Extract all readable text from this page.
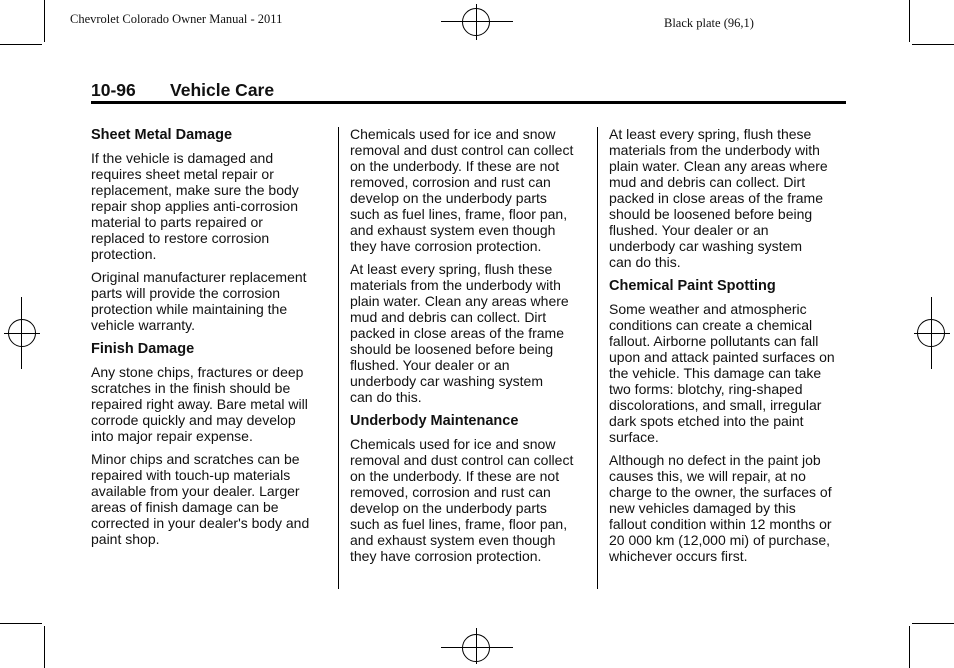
Chevrolet Colorado Owner Manual - 2011	Black plate (96,1)
10-96 Vehicle Care
Sheet Metal Damage

If the vehicle is damaged and
requires sheet metal repair or
replacement, make sure the body
repair shop applies anti-corrosion
material to parts repaired or
replaced to restore corrosion
protection.

Original manufacturer replacement
parts will provide the corrosion
protection while maintaining the
vehicle warranty.

Finish Damage

Any stone chips, fractures or deep
scratches in the finish should be
repaired right away. Bare metal will
corrode quickly and may develop
into major repair expense.

Minor chips and scratches can be
repaired with touch-up materials
available from your dealer. Larger
areas of finish damage can be
corrected in your dealer's body and
paint shop.

Chemicals used for ice and snow
removal and dust control can collect
on the underbody. If these are not
removed, corrosion and rust can
develop on the underbody parts
such as fuel lines, frame, floor pan,
and exhaust system even though
they have corrosion protection.

At least every spring, flush these
materials from the underbody with
plain water. Clean any areas where
mud and debris can collect. Dirt
packed in close areas of the frame
should be loosened before being
flushed. Your dealer or an
underbody car washing system
can do this.

Underbody Maintenance

Chemicals used for ice and snow
removal and dust control can collect
on the underbody. If these are not
removed, corrosion and rust can
develop on the underbody parts
such as fuel lines, frame, floor pan,
and exhaust system even though
they have corrosion protection.

At least every spring, flush these
materials from the underbody with
plain water. Clean any areas where
mud and debris can collect. Dirt
packed in close areas of the frame
should be loosened before being
flushed. Your dealer or an
underbody car washing system
can do this.

Chemical Paint Spotting

Some weather and atmospheric
conditions can create a chemical
fallout. Airborne pollutants can fall
upon and attack painted surfaces on
the vehicle. This damage can take
two forms: blotchy, ring-shaped
discolorations, and small, irregular
dark spots etched into the paint
surface.

Although no defect in the paint job
causes this, we will repair, at no
charge to the owner, the surfaces of
new vehicles damaged by this
fallout condition within 12 months or
20 000 km (12,000 mi) of purchase,
whichever occurs first.
